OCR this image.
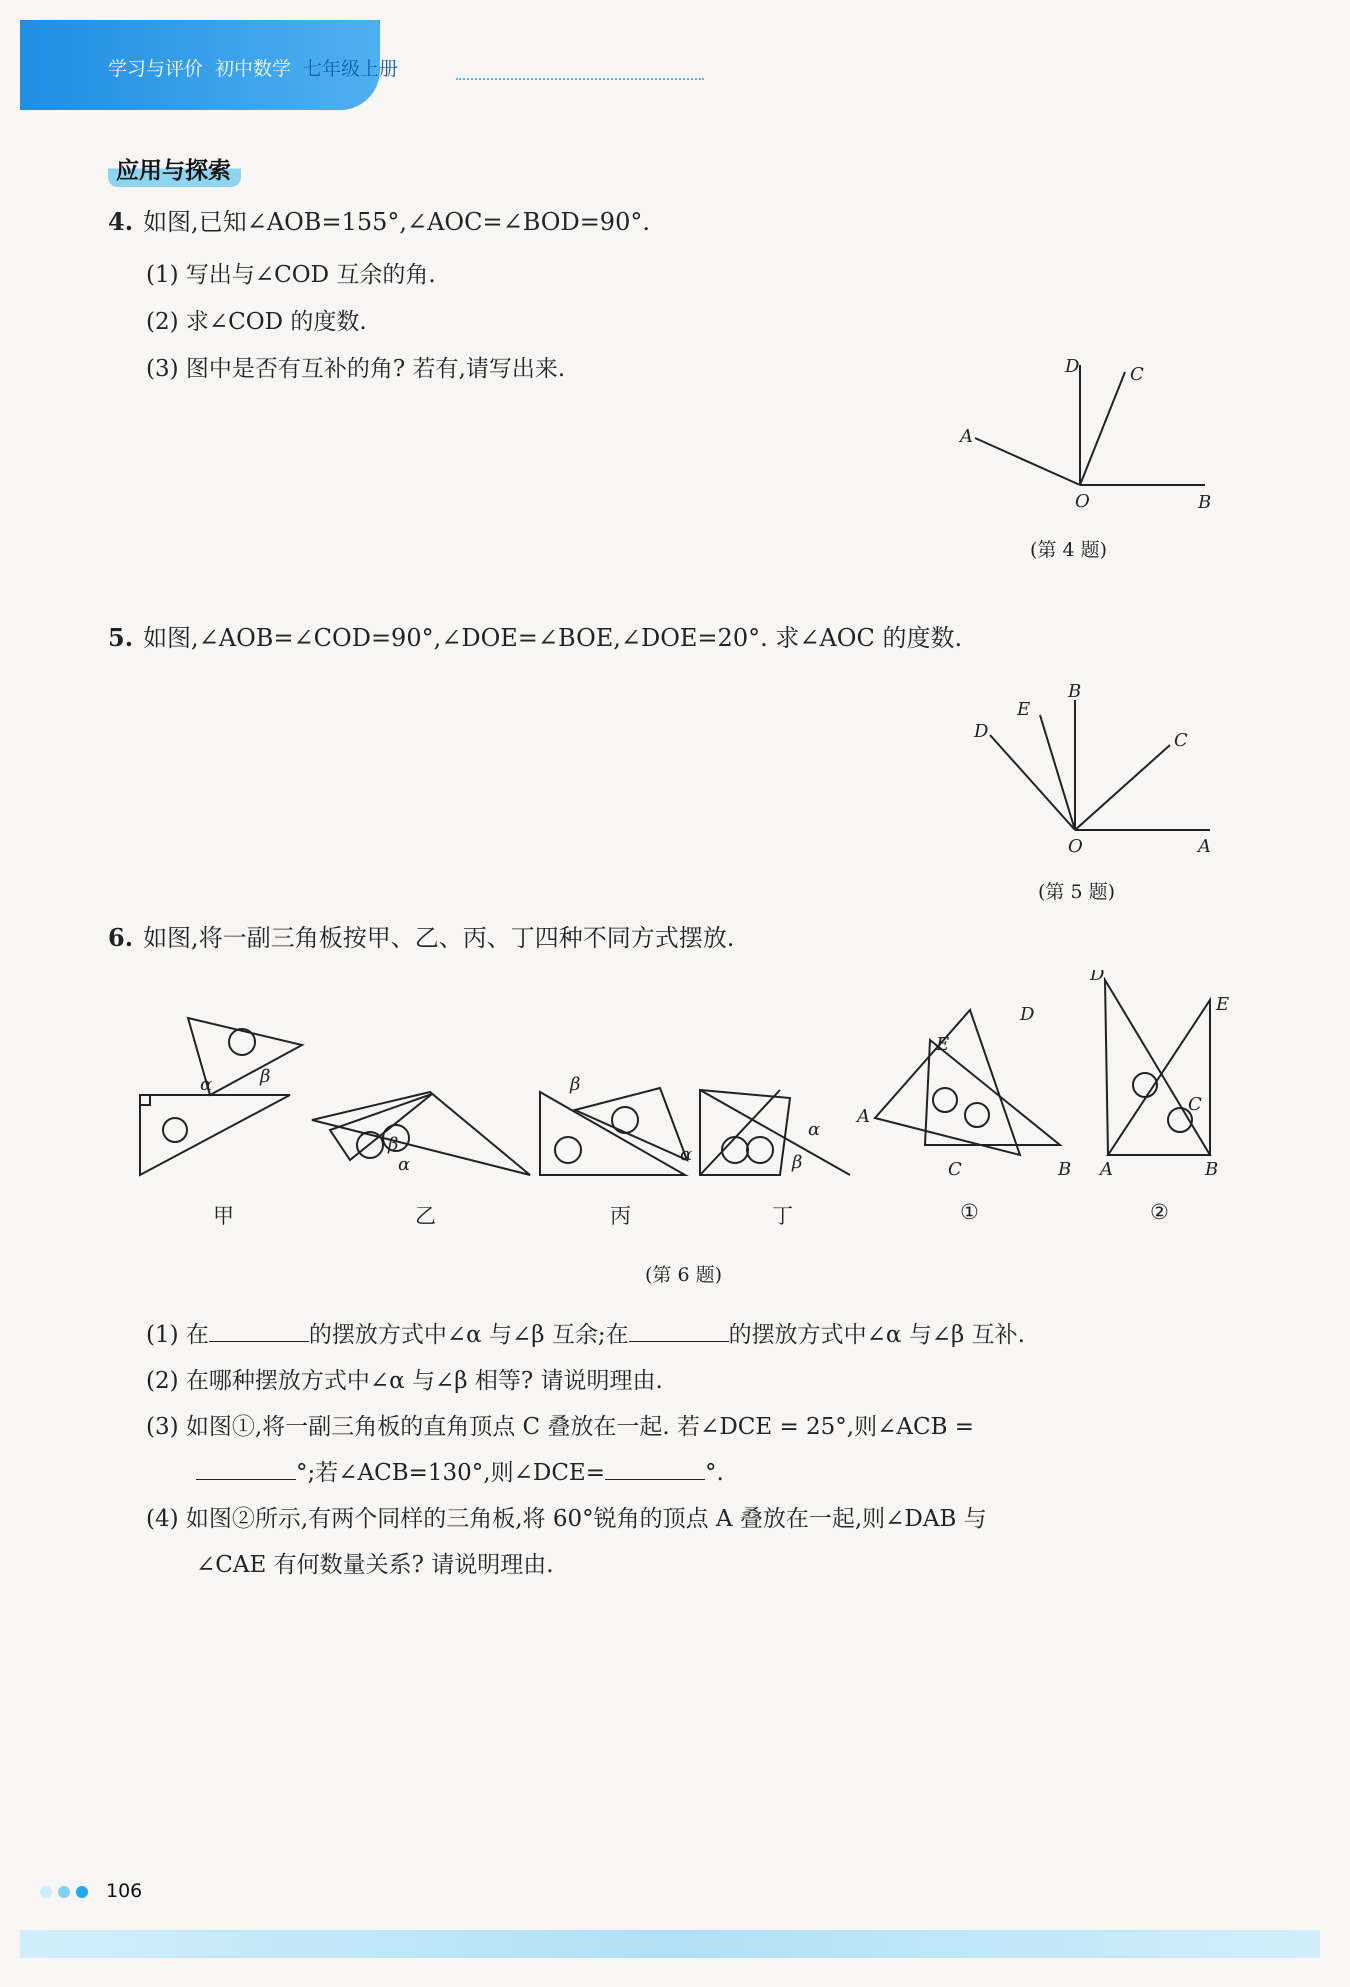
学习与评价 初中数学 七年级上册
应用与探索
4. 如图,已知∠AOB=155°,∠AOC=∠BOD=90°.
(1) 写出与∠COD 互余的角.
(2) 求∠COD 的度数.
(3) 图中是否有互补的角? 若有,请写出来.	D	C
A
O	B
(第 4 题)
5. 如图,∠AOB=∠COD=90°,∠DOE=∠BOE,∠DOE=20°. 求∠AOC 的度数.
B
E
D	C
O	A
(第 5 题)
6. 如图,将一副三角板按甲、乙、丙、丁四种不同方式摆放.
α	β
β
α
β
α
α
β
D
E
A
C	B
D
E
C
A	B
甲	乙	丙	丁	①	②
(第 6 题)
(1) 在	的摆放方式中∠α 与∠β 互余;在	的摆放方式中∠α 与∠β 互补.
(2) 在哪种摆放方式中∠α 与∠β 相等? 请说明理由.
(3) 如图①,将一副三角板的直角顶点 C 叠放在一起. 若∠DCE = 25°,则∠ACB =
°;若∠ACB=130°,则∠DCE=	°.
(4) 如图②所示,有两个同样的三角板,将 60°锐角的顶点 A 叠放在一起,则∠DAB 与
∠CAE 有何数量关系? 请说明理由.
106
